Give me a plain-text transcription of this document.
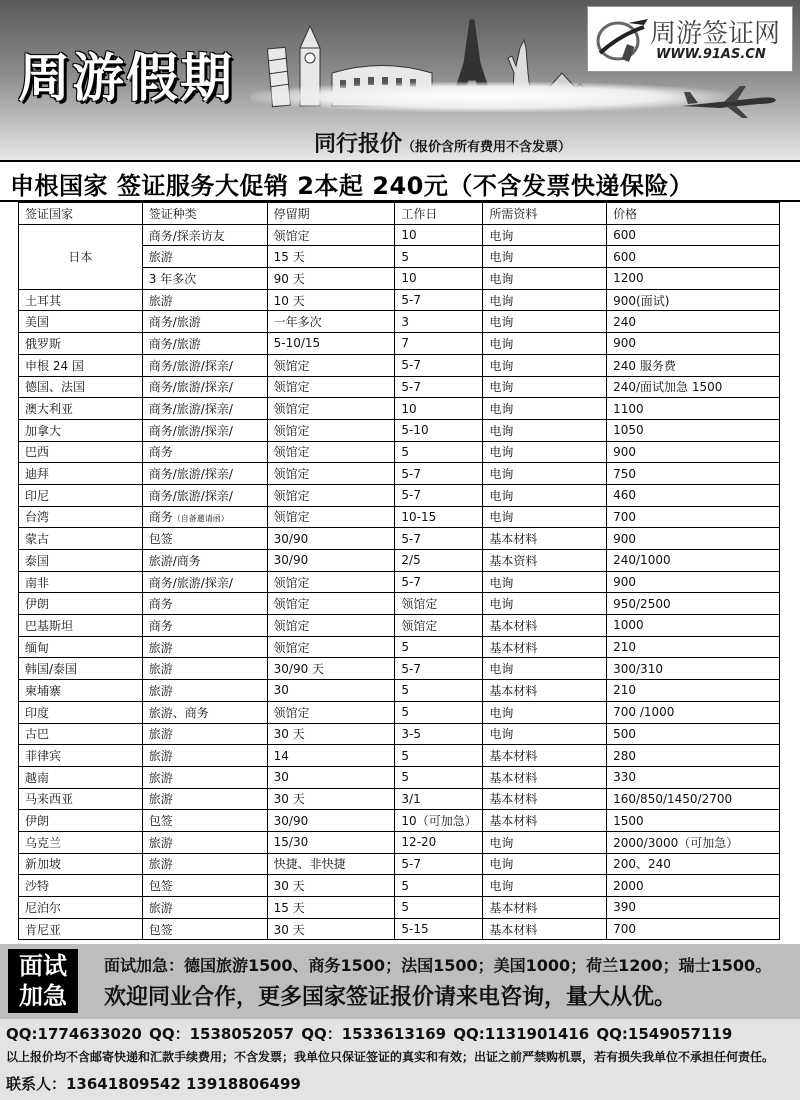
周游假期
周游签证网
WWW.91AS.CN
同行报价（报价含所有费用不含发票）
申根国家 签证服务大促销 2本起 240元（不含发票快递保险）
签证国家	签证种类	停留期	工作日	所需资料	价格
日本	商务/探亲访友	领馆定	10	电询	600
	旅游	15 天	5	电询	600
	3 年多次	90 天	10	电询	1200
土耳其	旅游	10 天	5-7	电询	900(面试)
美国	商务/旅游	一年多次	3	电询	240
俄罗斯	商务/旅游	5-10/15	7	电询	900
申根 24 国	商务/旅游/探亲/	领馆定	5-7	电询	240 服务费
德国、法国	商务/旅游/探亲/	领馆定	5-7	电询	240/面试加急 1500
澳大利亚	商务/旅游/探亲/	领馆定	10	电询	1100
加拿大	商务/旅游/探亲/	领馆定	5-10	电询	1050
巴西	商务	领馆定	5	电询	900
迪拜	商务/旅游/探亲/	领馆定	5-7	电询	750
印尼	商务/旅游/探亲/	领馆定	5-7	电询	460
台湾	商务（自备邀请函）	领馆定	10-15	电询	700
蒙古	包签	30/90	5-7	基本材料	900
泰国	旅游/商务	30/90	2/5	基本资料	240/1000
南非	商务/旅游/探亲/	领馆定	5-7	电询	900
伊朗	商务	领馆定	领馆定	电询	950/2500
巴基斯坦	商务	领馆定	领馆定	基本材料	1000
缅甸	旅游	领馆定	5	基本材料	210
韩国/泰国	旅游	30/90 天	5-7	电询	300/310
柬埔寨	旅游	30	5	基本材料	210
印度	旅游、商务	领馆定	5	电询	700 /1000
古巴	旅游	30 天	3-5	电询	500
菲律宾	旅游	14	5	基本材料	280
越南	旅游	30	5	基本材料	330
马来西亚	旅游	30 天	3/1	基本材料	160/850/1450/2700
伊朗	包签	30/90	10（可加急）	基本材料	1500
乌克兰	旅游	15/30	12-20	电询	2000/3000（可加急）
新加坡	旅游	快捷、非快捷	5-7	电询	200、240
沙特	包签	30 天	5	电询	2000
尼泊尔	旅游	15 天	5	基本材料	390
肯尼亚	包签	30 天	5-15	基本材料	700
面试
加急
面试加急：德国旅游1500、商务1500；法国1500；美国1000；荷兰1200；瑞士1500。
欢迎同业合作，更多国家签证报价请来电咨询，量大从优。
QQ:1774633020 QQ：1538052057 QQ：1533613169 QQ:1131901416 QQ:1549057119
以上报价均不含邮寄快递和汇款手续费用；不含发票；我单位只保证签证的真实和有效；出证之前严禁购机票，若有损失我单位不承担任何责任。
联系人：13641809542 13918806499
